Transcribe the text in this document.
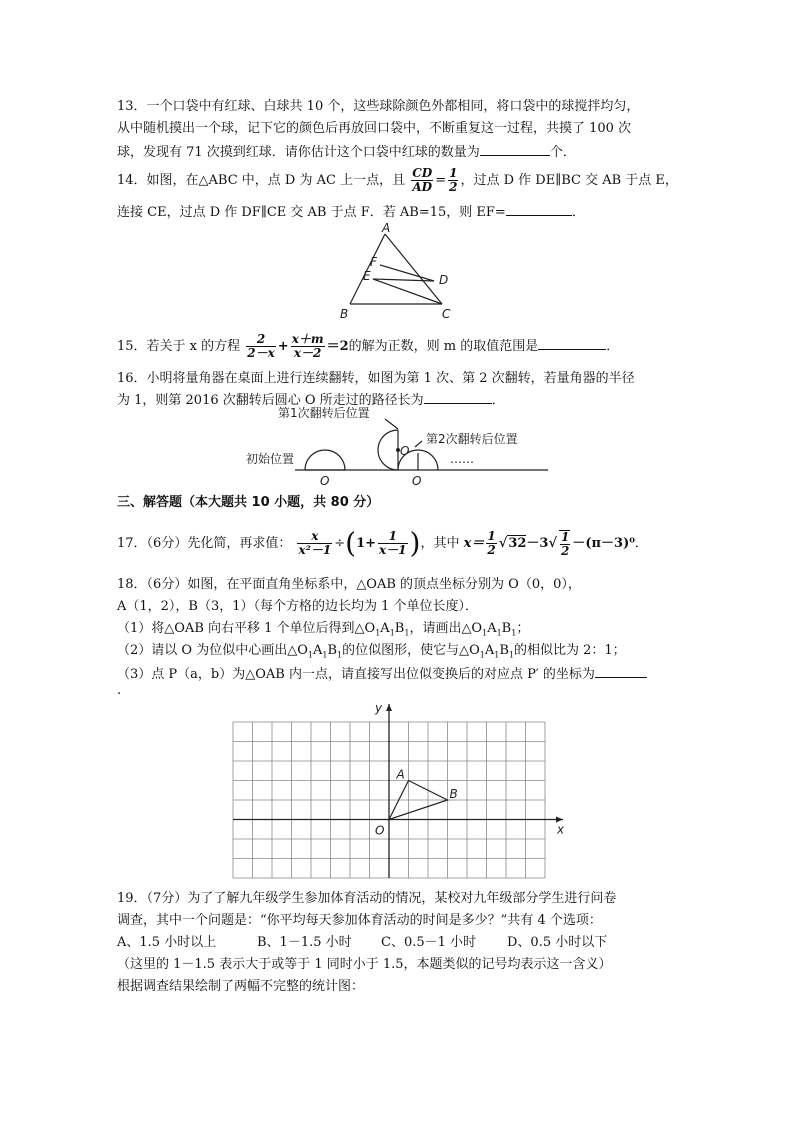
13．一个口袋中有红球、白球共 10 个，这些球除颜色外都相同，将口袋中的球搅拌均匀，
从中随机摸出一个球，记下它的颜色后再放回口袋中，不断重复这一过程，共摸了 100 次
球，发现有 71 次摸到红球．请你估计这个口袋中红球的数量为	个．
14．如图，在△ABC 中，点 D 为 AC 上一点，且 $\frac{CD}{AD} = \frac{1}{2}$ ，过点 D 作 DE∥BC 交 AB 于点 E，
连接 CE，过点 D 作 DF∥CE 交 AB 于点 F．若 AB=15，则 EF=	．
A
F
E	D
B	C
15．若关于 x 的方程 $\frac{2}{2-x} + \frac{x+m}{x-2} =2$的解为正数，则 m 的取值范围是	．
16．小明将量角器在桌面上进行连续翻转，如图为第 1 次、第 2 次翻转，若量角器的半径
为 1，则第 2016 次翻转后圆心 O 所走过的路径长为	．
第1次翻转后位置
第2次翻转后位置
初始位置	……
O
O
O
三、解答题（本大题共 10 小题，共 80 分）
17．（6分）先化简，再求值： $\frac{x}{\text{x²－1}} \div(1+ \frac{1}{x-1}$ )，其中 $x= \frac{1}{2} √32-3√ \frac{1}{2} -(\pi-3)^0$．
18．（6分）如图，在平面直角坐标系中，△OAB 的顶点坐标分别为 O（0，0），
A（1，2），B（3，1）（每个方格的边长均为 1 个单位长度）．
（1）将△OAB 向右平移 1 个单位后得到$\triangle O_1A_1B_1$，请画出$\triangle O_1A_1B_1$；
（2）请以 O 为位似中心画出$\triangle O_1A_1B_1$的位似图形，使它与$\triangle O_1A_1B_1$的相似比为 2：1；
（3）点 P（a，b）为△OAB 内一点，请直接写出位似变换后的对应点 P′ 的坐标为
.
O
A
B
x
y
19．（7分）为了了解九年级学生参加体育活动的情况，某校对九年级部分学生进行问卷
调查，其中一个问题是：“你平均每天参加体育活动的时间是多少？”共有 4 个选项：
A、1.5 小时以上	B、1－1.5 小时 C、0.5－1 小时 D、0.5 小时以下
（这里的 1－1.5 表示大于或等于 1 同时小于 1.5，本题类似的记号均表示这一含义）
根据调查结果绘制了两幅不完整的统计图：
